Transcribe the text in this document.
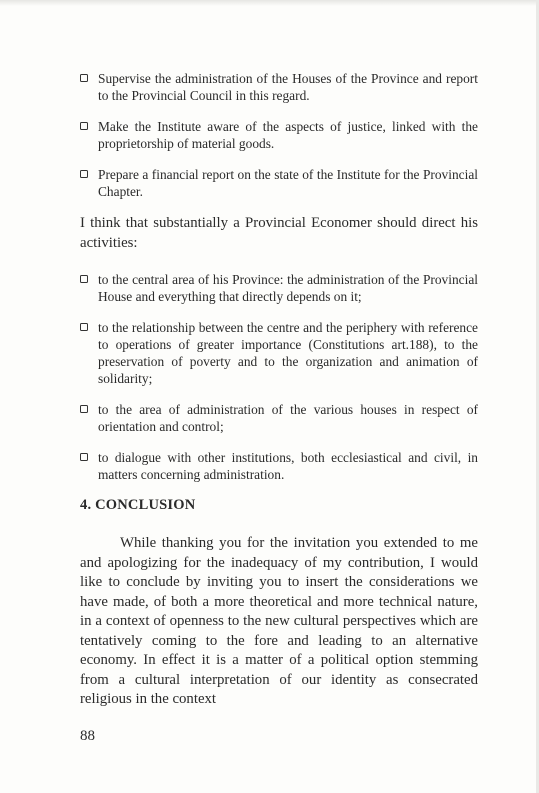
Supervise the administration of the Houses of the Province and report to the Provincial Council in this regard.
Make the Institute aware of the aspects of justice, linked with the proprietorship of material goods.
Prepare a financial report on the state of the Institute for the Provincial Chapter.

I think that substantially a Provincial Economer should direct his activities:

to the central area of his Province: the administration of the Provincial House and everything that directly depends on it;
to the relationship between the centre and the periphery with reference to operations of greater importance (Constitutions art.188), to the preservation of poverty and to the organization and animation of solidarity;
to the area of administration of the various houses in respect of orientation and control;
to dialogue with other institutions, both ecclesiastical and civil, in matters concerning administration.
4. CONCLUSION

While thanking you for the invitation you extended to me and apologizing for the inadequacy of my contribution, I would like to conclude by inviting you to insert the considerations we have made, of both a more theoretical and more technical nature, in a context of openness to the new cultural perspectives which are tentatively coming to the fore and leading to an alternative economy. In effect it is a matter of a political option stemming from a cultural interpretation of our identity as consecrated religious in the context

88
